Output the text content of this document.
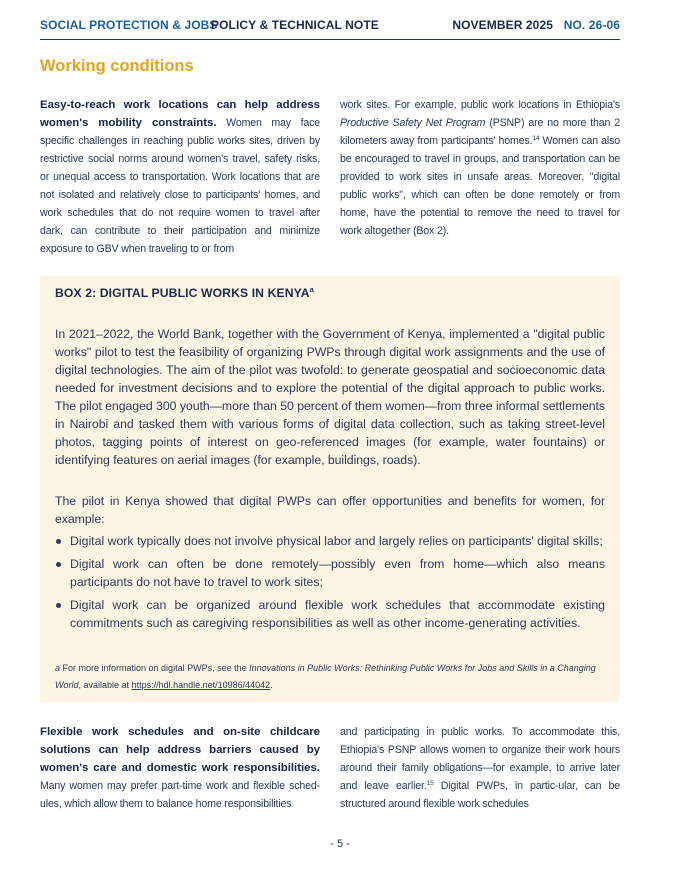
SOCIAL PROTECTION & JOBS
POLICY & TECHNICAL NOTE	NOVEMBER 2025 NO. 26-06
Working conditions

Easy-to-reach work locations can help address women's mobility constraints. Women may face specific challenges in reaching public works sites, driven by restrictive social norms around women's travel, safety risks, or unequal access to transportation. Work locations that are not isolated and relatively close to participants' homes, and work schedules that do not require women to travel after dark, can contribute to their participation and minimize exposure to GBV when traveling to or from

work sites. For example, public work locations in Ethiopia's Productive Safety Net Program (PSNP) are no more than 2 kilometers away from participants' homes.$^{14}$ Women can also be encouraged to travel in groups, and transportation can be provided to work sites in unsafe areas. Moreover, "digital public works", which can often be done remotely or from home, have the potential to remove the need to travel for work altogether (Box 2).

BOX 2: DIGITAL PUBLIC WORKS IN KENYA$^a$

In 2021–2022, the World Bank, together with the Government of Kenya, implemented a "digital public works" pilot to test the feasibility of organizing PWPs through digital work assignments and the use of digital technologies. The aim of the pilot was twofold: to generate geospatial and socioeconomic data needed for investment decisions and to explore the potential of the digital approach to public works. The pilot engaged 300 youth—more than 50 percent of them women—from three informal settlements in Nairobi and tasked them with various forms of digital data collection, such as taking street-level photos, tagging points of interest on geo-referenced images (for example, water fountains) or identifying features on aerial images (for example, buildings, roads).

The pilot in Kenya showed that digital PWPs can offer opportunities and benefits for women, for example:

Digital work typically does not involve physical labor and largely relies on participants' digital skills;
Digital work can often be done remotely—possibly even from home—which also means participants do not have to travel to work sites;
Digital work can be organized around flexible work schedules that accommodate existing commitments such as caregiving responsibilities as well as other income-generating activities.

a For more information on digital PWPs, see the Innovations in Public Works: Rethinking Public Works for Jobs and Skills in a Changing World, available at https://hdl.handle.net/10986/44042.

Flexible work schedules and on-site childcare solutions can help address barriers caused by women's care and domestic work responsibilities. Many women may prefer part-time work and flexible sched-ules, which allow them to balance home responsibilities

and participating in public works. To accommodate this, Ethiopia's PSNP allows women to organize their work hours around their family obligations—for example, to arrive later and leave earlier.$^{15}$ Digital PWPs, in partic-ular, can be structured around flexible work schedules

- 5 -
